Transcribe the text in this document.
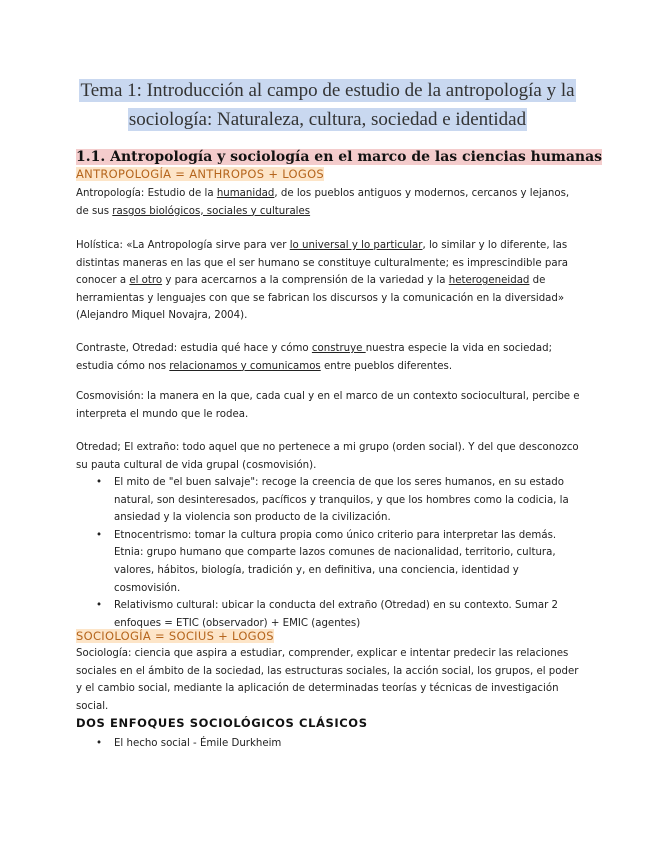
Tema 1: Introducción al campo de estudio de la antropología y la
sociología: Naturaleza, cultura, sociedad e identidad
1.1. Antropología y sociología en el marco de las ciencias humanas
ANTROPOLOGÍA = ANTHROPOS + LOGOS
Antropología: Estudio de la humanidad, de los pueblos antiguos y modernos, cercanos y lejanos, de sus rasgos biológicos, sociales y culturales
Holística: «La Antropología sirve para ver lo universal y lo particular, lo similar y lo diferente, las distintas maneras en las que el ser humano se constituye culturalmente; es imprescindible para conocer a el otro y para acercarnos a la comprensión de la variedad y la heterogeneidad de herramientas y lenguajes con que se fabrican los discursos y la comunicación en la diversidad» (Alejandro Miquel Novajra, 2004).
Contraste, Otredad: estudia qué hace y cómo construye nuestra especie la vida en sociedad; estudia cómo nos relacionamos y comunicamos entre pueblos diferentes.
Cosmovisión: la manera en la que, cada cual y en el marco de un contexto sociocultural, percibe e interpreta el mundo que le rodea.
Otredad; El extraño: todo aquel que no pertenece a mi grupo (orden social). Y del que desconozco su pauta cultural de vida grupal (cosmovisión).
• El mito de "el buen salvaje": recoge la creencia de que los seres humanos, en su estado natural, son desinteresados, pacíficos y tranquilos, y que los hombres como la codicia, la ansiedad y la violencia son producto de la civilización.
• Etnocentrismo: tomar la cultura propia como único criterio para interpretar las demás. Etnia: grupo humano que comparte lazos comunes de nacionalidad, territorio, cultura, valores, hábitos, biología, tradición y, en definitiva, una conciencia, identidad y cosmovisión.
• Relativismo cultural: ubicar la conducta del extraño (Otredad) en su contexto. Sumar 2 enfoques = ETIC (observador) + EMIC (agentes)
SOCIOLOGÍA = SOCIUS + LOGOS
Sociología: ciencia que aspira a estudiar, comprender, explicar e intentar predecir las relaciones sociales en el ámbito de la sociedad, las estructuras sociales, la acción social, los grupos, el poder y el cambio social, mediante la aplicación de determinadas teorías y técnicas de investigación social.
DOS ENFOQUES SOCIOLÓGICOS CLÁSICOS
• El hecho social - Émile Durkheim
